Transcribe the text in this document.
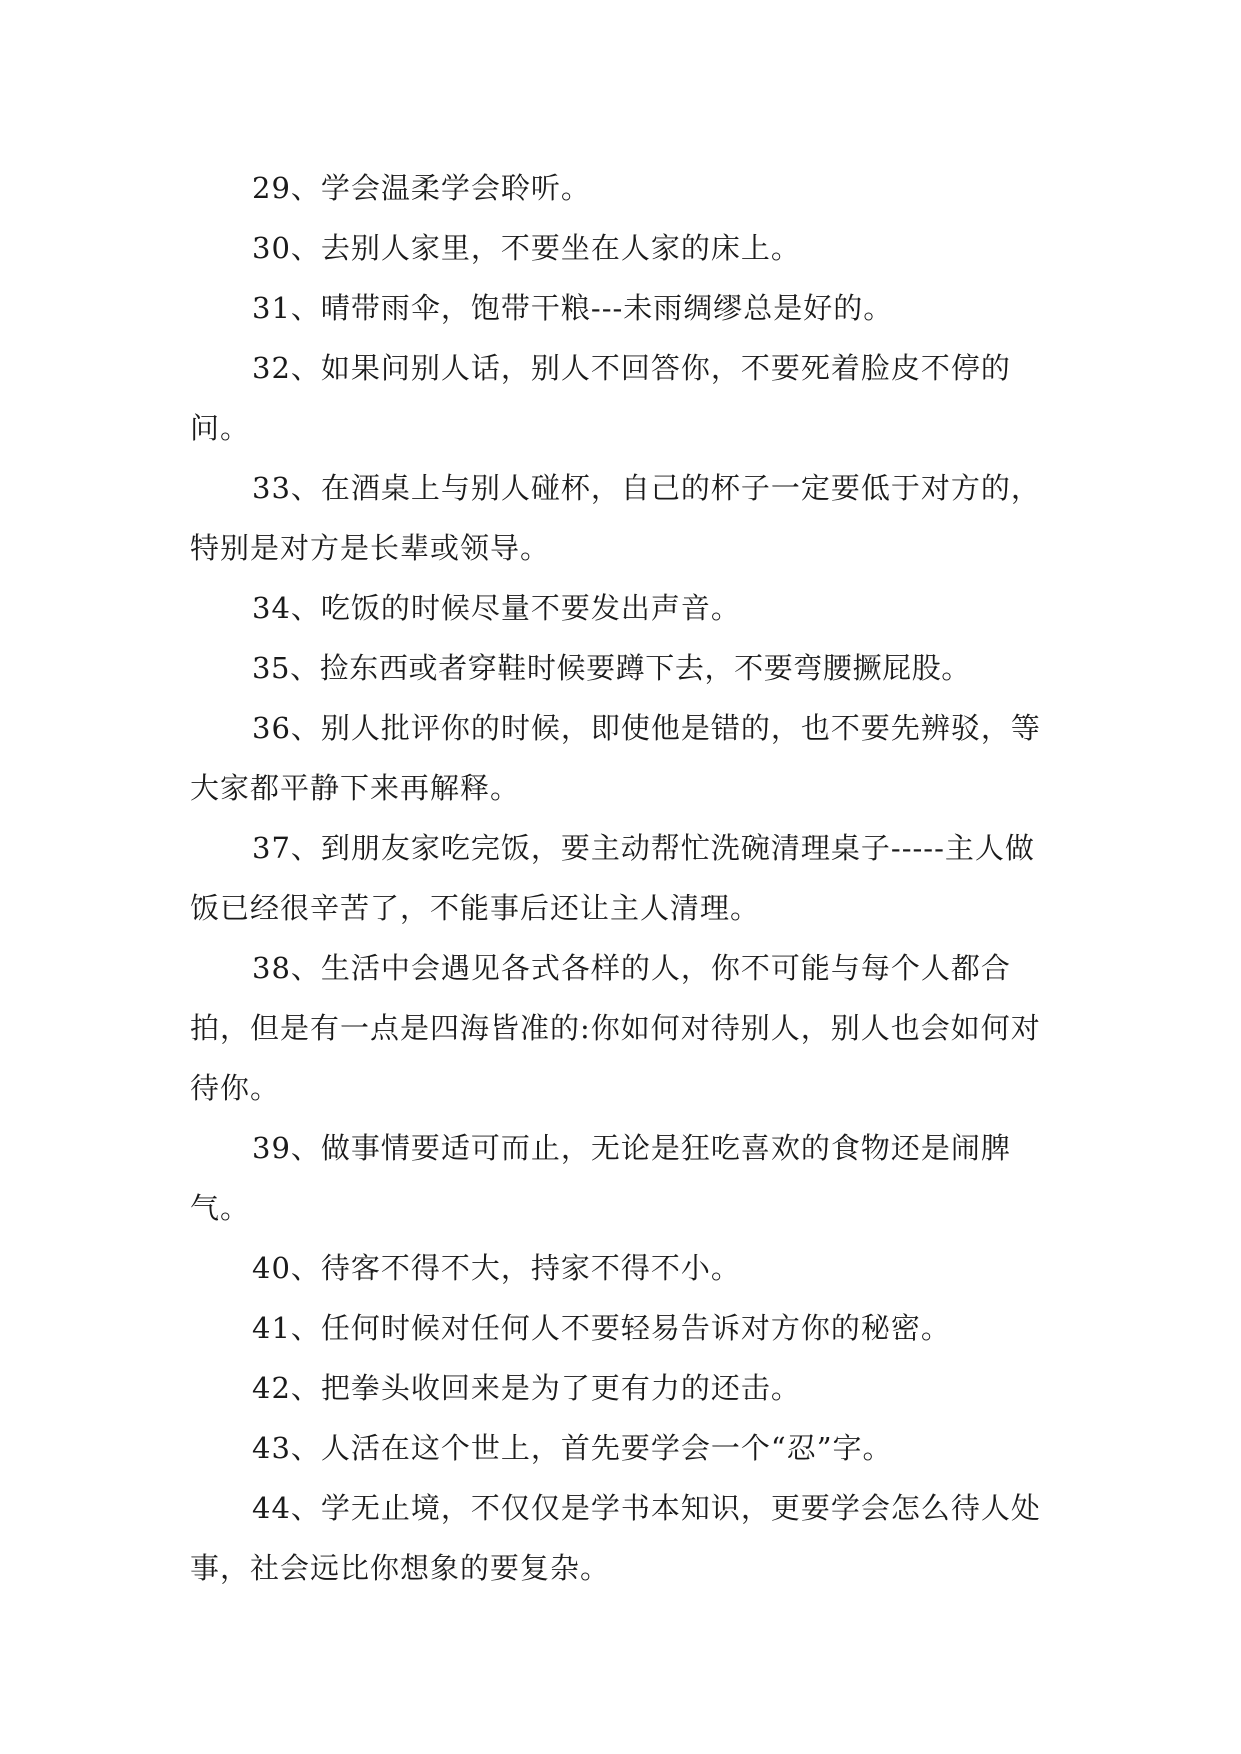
29、学会温柔学会聆听。

30、去别人家里，不要坐在人家的床上。

31、晴带雨伞，饱带干粮---未雨绸缪总是好的。

32、如果问别人话，别人不回答你，不要死着脸皮不停的问。

33、在酒桌上与别人碰杯，自己的杯子一定要低于对方的，特别是对方是长辈或领导。

34、吃饭的时候尽量不要发出声音。

35、捡东西或者穿鞋时候要蹲下去，不要弯腰撅屁股。

36、别人批评你的时候，即使他是错的，也不要先辨驳，等大家都平静下来再解释。

37、到朋友家吃完饭，要主动帮忙洗碗清理桌子-----主人做饭已经很辛苦了，不能事后还让主人清理。

38、生活中会遇见各式各样的人，你不可能与每个人都合拍，但是有一点是四海皆准的:你如何对待别人，别人也会如何对待你。

39、做事情要适可而止，无论是狂吃喜欢的食物还是闹脾气。

40、待客不得不大，持家不得不小。

41、任何时候对任何人不要轻易告诉对方你的秘密。

42、把拳头收回来是为了更有力的还击。

43、人活在这个世上，首先要学会一个“忍”字。

44、学无止境，不仅仅是学书本知识，更要学会怎么待人处事，社会远比你想象的要复杂。
